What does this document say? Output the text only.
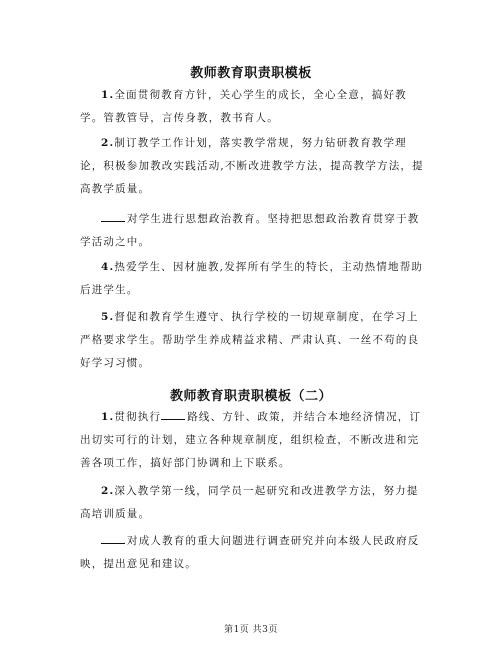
教师教育职责职模板
1.全面贯彻教育方针，关心学生的成长，全心全意，搞好教学。管教管导，言传身教，教书育人。
2.制订教学工作计划，落实教学常规，努力钻研教育教学理论，积极参加教改实践活动,不断改进教学方法，提高教学方法，提高教学质量。
对学生进行思想政治教育。坚持把思想政治教育贯穿于教学活动之中。
4.热爱学生、因材施教,发挥所有学生的特长，主动热情地帮助后进学生。
5.督促和教育学生遵守、执行学校的一切规章制度，在学习上严格要求学生。帮助学生养成精益求精、严肃认真、一丝不苟的良好学习习惯。
教师教育职责职模板（二）
1.贯彻执行 路线、方针、政策，并结合本地经济情况，订出切实可行的计划，建立各种规章制度，组织检查，不断改进和完善各项工作，搞好部门协调和上下联系。
2.深入教学第一线，同学员一起研究和改进教学方法，努力提高培训质量。
对成人教育的重大问题进行调查研究并向本级人民政府反映，提出意见和建议。
第1页 共3页
